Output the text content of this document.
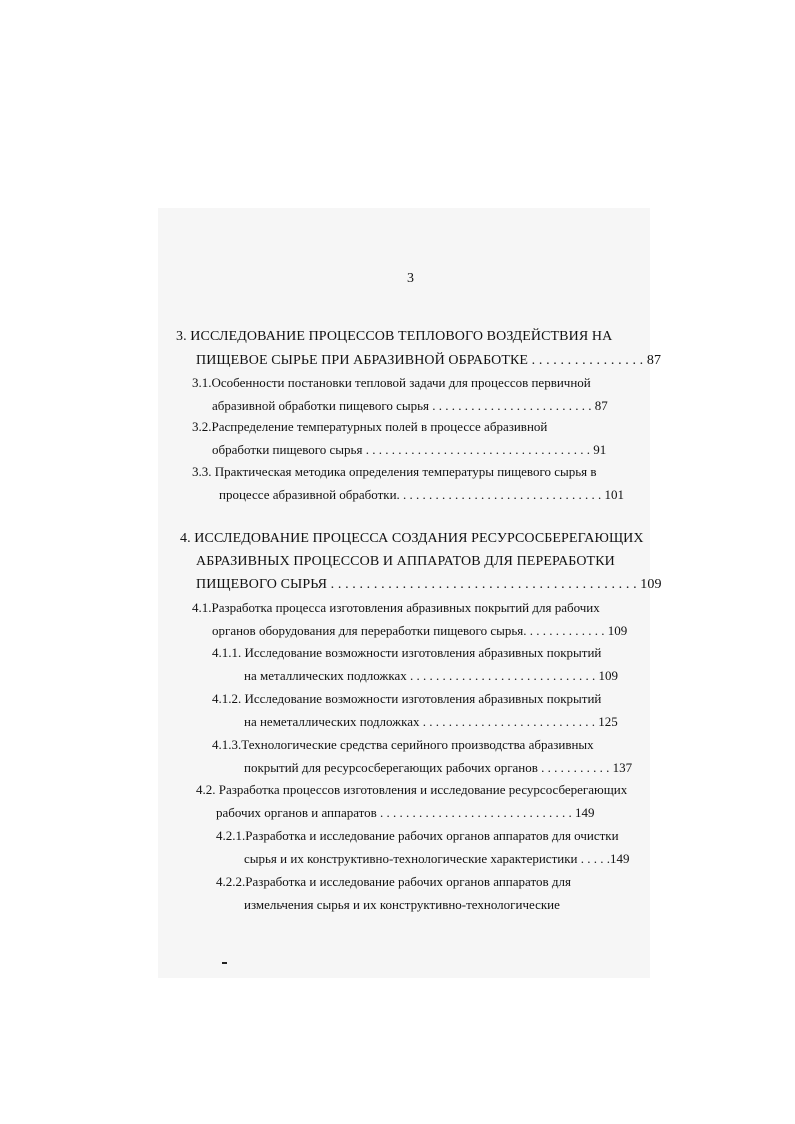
3
3. ИССЛЕДОВАНИЕ ПРОЦЕССОВ ТЕПЛОВОГО ВОЗДЕЙСТВИЯ НА
ПИЩЕВОЕ СЫРЬЕ ПРИ АБРАЗИВНОЙ ОБРАБОТКЕ . . . . . . . . . . . . . . . . 87
3.1.Особенности постановки тепловой задачи для процессов первичной
абразивной обработки пищевого сырья . . . . . . . . . . . . . . . . . . . . . . . . . 87
3.2.Распределение температурных полей в процессе абразивной
обработки пищевого сырья . . . . . . . . . . . . . . . . . . . . . . . . . . . . . . . . . . . 91
3.3. Практическая методика определения температуры пищевого сырья в
процессе абразивной обработки. . . . . . . . . . . . . . . . . . . . . . . . . . . . . . . . 101
4. ИССЛЕДОВАНИЕ ПРОЦЕССА СОЗДАНИЯ РЕСУРСОСБЕРЕГАЮЩИХ
АБРАЗИВНЫХ ПРОЦЕССОВ И АППАРАТОВ ДЛЯ ПЕРЕРАБОТКИ
ПИЩЕВОГО СЫРЬЯ . . . . . . . . . . . . . . . . . . . . . . . . . . . . . . . . . . . . . . . . . . . 109
4.1.Разработка процесса изготовления абразивных покрытий для рабочих
органов оборудования для переработки пищевого сырья. . . . . . . . . . . . . 109
4.1.1. Исследование возможности изготовления абразивных покрытий
на металлических подложках . . . . . . . . . . . . . . . . . . . . . . . . . . . . . 109
4.1.2. Исследование возможности изготовления абразивных покрытий
на неметаллических подложках . . . . . . . . . . . . . . . . . . . . . . . . . . . 125
4.1.3.Технологические средства серийного производства абразивных
покрытий для ресурсосберегающих рабочих органов . . . . . . . . . . . 137
4.2. Разработка процессов изготовления и исследование ресурсосберегающих
рабочих органов и аппаратов . . . . . . . . . . . . . . . . . . . . . . . . . . . . . . 149
4.2.1.Разработка и исследование рабочих органов аппаратов для очистки
сырья и их конструктивно-технологические характеристики . . . . .149
4.2.2.Разработка и исследование рабочих органов аппаратов для
измельчения сырья и их конструктивно-технологические
